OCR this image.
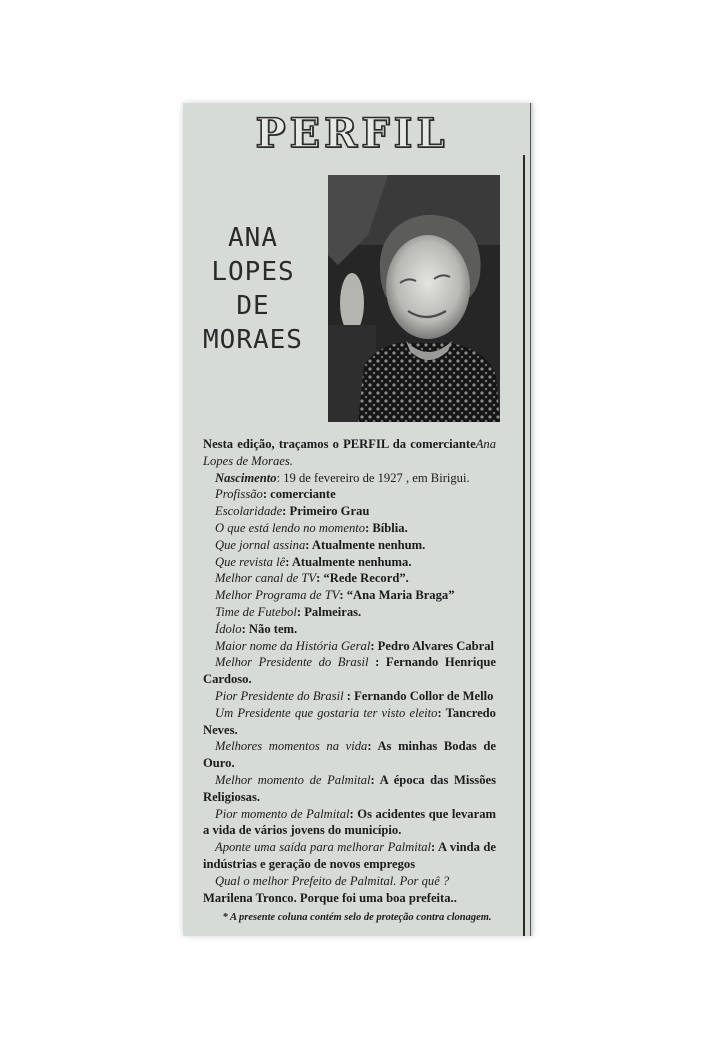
PERFIL
ANA
LOPES
DE
MORAES

Nesta edição, traçamos o PERFIL da comercianteAna Lopes de Moraes.

Nascimento: 19 de fevereiro de 1927 , em Birigui.

Profissão: comerciante

Escolaridade: Primeiro Grau

O que está lendo no momento: Bíblia.

Que jornal assina: Atualmente nenhum.

Que revista lê: Atualmente nenhuma.

Melhor canal de TV: “Rede Record”.

Melhor Programa de TV: “Ana Maria Braga”

Time de Futebol: Palmeiras.

Ídolo: Não tem.

Maior nome da História Geral: Pedro Alvares Cabral

Melhor Presidente do Brasil : Fernando Henrique Cardoso.

Pior Presidente do Brasil : Fernando Collor de Mello

Um Presidente que gostaria ter visto eleito: Tancredo Neves.

Melhores momentos na vida: As minhas Bodas de Ouro.

Melhor momento de Palmital: A época das Missões Religiosas.

Pior momento de Palmital: Os acidentes que levaram a vida de vários jovens do município.

Aponte uma saída para melhorar Palmital: A vinda de indústrias e geração de novos empregos

Qual o melhor Prefeito de Palmital. Por quê ?

Marilena Tronco. Porque foi uma boa prefeita..

* A presente coluna contém selo de proteção contra clonagem.
